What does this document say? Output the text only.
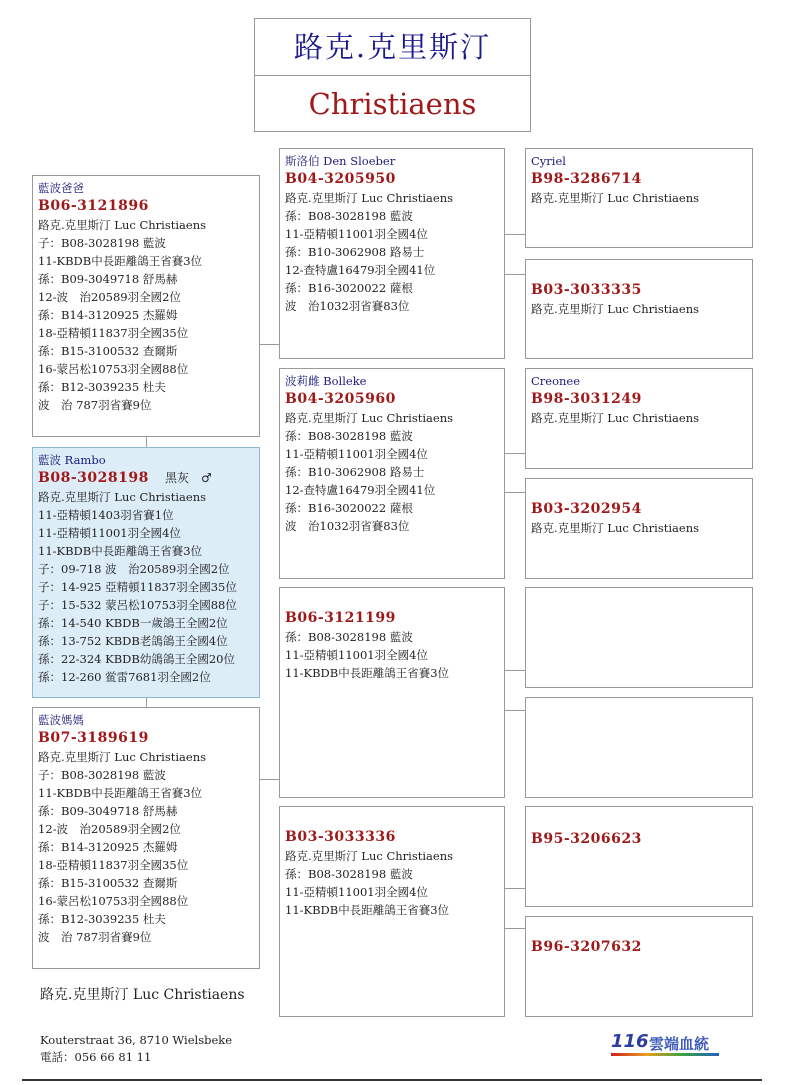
路克.克里斯汀
Christiaens
藍波爸爸
B06-3121896
路克.克里斯汀 Luc Christiaens
子：B08-3028198 藍波
11-KBDB中長距離鴿王省賽3位
孫：B09-3049718 舒馬赫
12-波　治20589羽全國2位
孫：B14-3120925 杰羅姆
18-亞精頓11837羽全國35位
孫：B15-3100532 查爾斯
16-蒙呂松10753羽全國88位
孫：B12-3039235 杜夫
波　治 787羽省賽9位
藍波 Rambo
B08-3028198 黑灰　♂
路克.克里斯汀 Luc Christiaens
11-亞精頓1403羽省賽1位
11-亞精頓11001羽全國4位
11-KBDB中長距離鴿王省賽3位
子：09-718 波　治20589羽全國2位
子：14-925 亞精頓11837羽全國35位
子：15-532 蒙呂松10753羽全國88位
孫：14-540 KBDB一歲鴿王全國2位
孫：13-752 KBDB老鴿鴿王全國4位
孫：22-324 KBDB幼鴿鴿王全國20位
孫：12-260 鲎雷7681羽全國2位
藍波媽媽
B07-3189619
路克.克里斯汀 Luc Christiaens
子：B08-3028198 藍波
11-KBDB中長距離鴿王省賽3位
孫：B09-3049718 舒馬赫
12-波　治20589羽全國2位
孫：B14-3120925 杰羅姆
18-亞精頓11837羽全國35位
孫：B15-3100532 查爾斯
16-蒙呂松10753羽全國88位
孫：B12-3039235 杜夫
波　治 787羽省賽9位
斯洛伯 Den Sloeber
B04-3205950
路克.克里斯汀 Luc Christiaens
孫：B08-3028198 藍波
11-亞精頓11001羽全國4位
孫：B10-3062908 路易士
12-查特盧16479羽全國41位
孫：B16-3020022 薩根
波　治1032羽省賽83位
波莉雌 Bolleke
B04-3205960
路克.克里斯汀 Luc Christiaens
孫：B08-3028198 藍波
11-亞精頓11001羽全國4位
孫：B10-3062908 路易士
12-查特盧16479羽全國41位
孫：B16-3020022 薩根
波　治1032羽省賽83位
B06-3121199
孫：B08-3028198 藍波
11-亞精頓11001羽全國4位
11-KBDB中長距離鴿王省賽3位
B03-3033336
路克.克里斯汀 Luc Christiaens
孫：B08-3028198 藍波
11-亞精頓11001羽全國4位
11-KBDB中長距離鴿王省賽3位
Cyriel
B98-3286714
路克.克里斯汀 Luc Christiaens
B03-3033335
路克.克里斯汀 Luc Christiaens
Creonee
B98-3031249
路克.克里斯汀 Luc Christiaens
B03-3202954
路克.克里斯汀 Luc Christiaens
B95-3206623
B96-3207632
路克.克里斯汀 Luc Christiaens
Kouterstraat 36, 8710 Wielsbeke
電話：056 66 81 11
116 雲端血統
